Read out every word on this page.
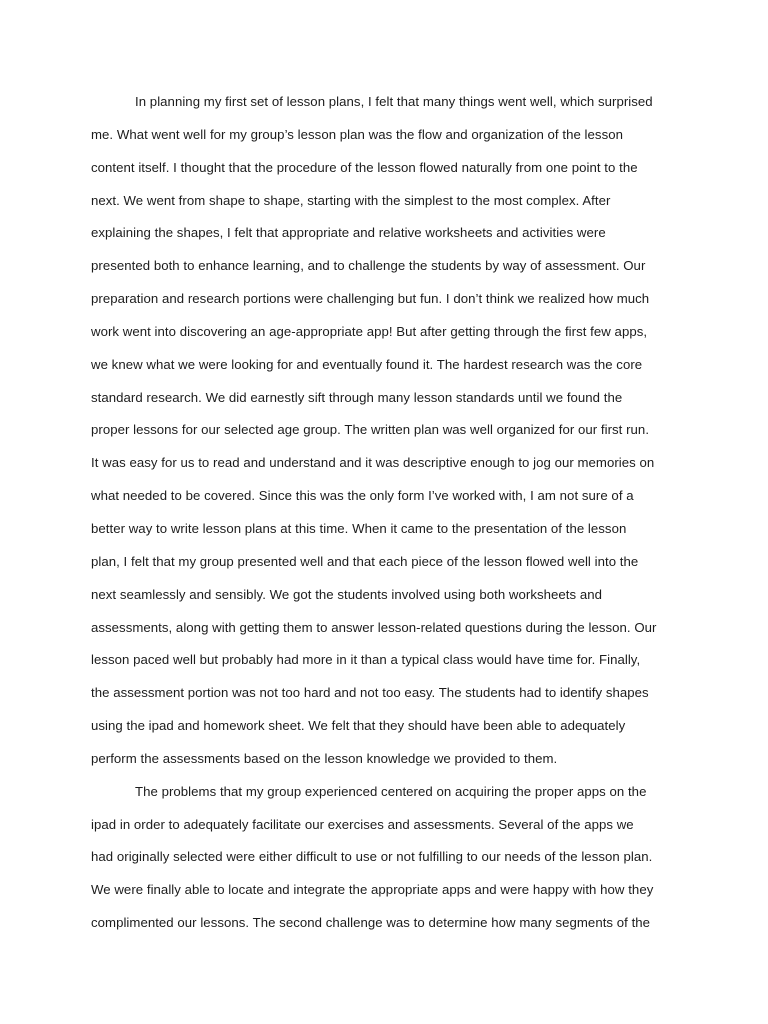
In planning my first set of lesson plans, I felt that many things went well, which surprised
me. What went well for my group’s lesson plan was the flow and organization of the lesson
content itself. I thought that the procedure of the lesson flowed naturally from one point to the
next. We went from shape to shape, starting with the simplest to the most complex. After
explaining the shapes, I felt that appropriate and relative worksheets and activities were
presented both to enhance learning, and to challenge the students by way of assessment. Our
preparation and research portions were challenging but fun. I don’t think we realized how much
work went into discovering an age-appropriate app! But after getting through the first few apps,
we knew what we were looking for and eventually found it. The hardest research was the core
standard research. We did earnestly sift through many lesson standards until we found the
proper lessons for our selected age group. The written plan was well organized for our first run.
It was easy for us to read and understand and it was descriptive enough to jog our memories on
what needed to be covered. Since this was the only form I’ve worked with, I am not sure of a
better way to write lesson plans at this time. When it came to the presentation of the lesson
plan, I felt that my group presented well and that each piece of the lesson flowed well into the
next seamlessly and sensibly. We got the students involved using both worksheets and
assessments, along with getting them to answer lesson-related questions during the lesson. Our
lesson paced well but probably had more in it than a typical class would have time for. Finally,
the assessment portion was not too hard and not too easy. The students had to identify shapes
using the ipad and homework sheet. We felt that they should have been able to adequately
perform the assessments based on the lesson knowledge we provided to them.
The problems that my group experienced centered on acquiring the proper apps on the
ipad in order to adequately facilitate our exercises and assessments. Several of the apps we
had originally selected were either difficult to use or not fulfilling to our needs of the lesson plan.
We were finally able to locate and integrate the appropriate apps and were happy with how they
complimented our lessons. The second challenge was to determine how many segments of the
